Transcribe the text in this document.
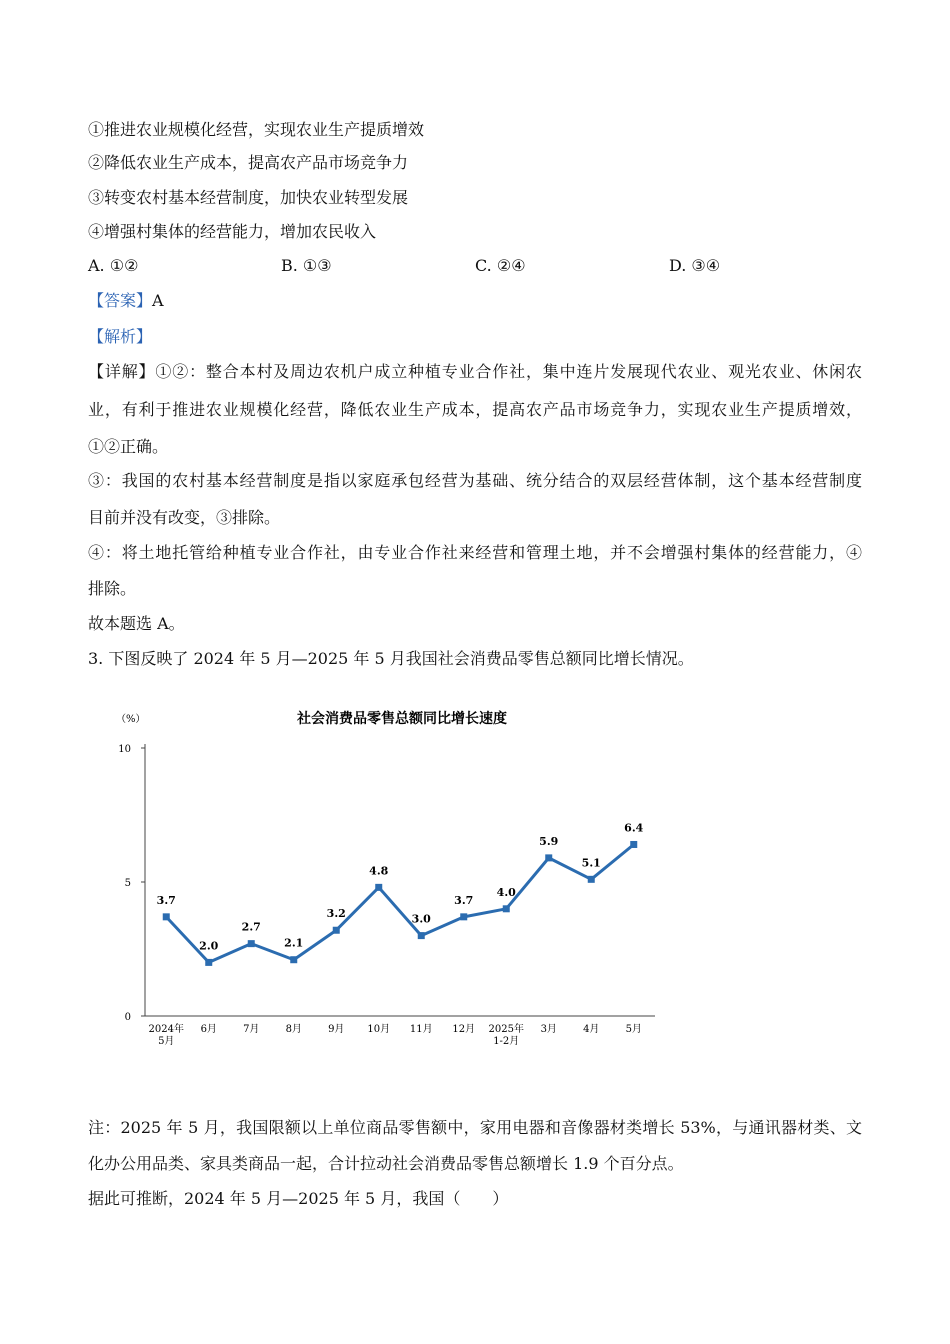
①推进农业规模化经营，实现农业生产提质增效
②降低农业生产成本，提高农产品市场竞争力
③转变农村基本经营制度，加快农业转型发展
④增强村集体的经营能力，增加农民收入
A. ①②	B. ①③	C. ②④	D. ③④
【答案】A
【解析】
【详解】①②：整合本村及周边农机户成立种植专业合作社，集中连片发展现代农业、观光农业、休闲农
业，有利于推进农业规模化经营，降低农业生产成本，提高农产品市场竞争力，实现农业生产提质增效，
①②正确。
③：我国的农村基本经营制度是指以家庭承包经营为基础、统分结合的双层经营体制，这个基本经营制度
目前并没有改变，③排除。
④：将土地托管给种植专业合作社，由专业合作社来经营和管理土地，并不会增强村集体的经营能力，④
排除。
故本题选 A。
3. 下图反映了 2024 年 5 月—2025 年 5 月我国社会消费品零售总额同比增长情况。
社会消费品零售总额同比增长速度
（%）
0
5
10
2024年 5月
6月	7月	8月	9月 10月 11月 12月 2025年 1-2月
3月	4月	5月
3.7
2.0
2.7
2.1
3.2
4.8
3.0
3.7
4.0
5.9
5.1
6.4
注：2025 年 5 月，我国限额以上单位商品零售额中，家用电器和音像器材类增长 53%，与通讯器材类、文
化办公用品类、家具类商品一起，合计拉动社会消费品零售总额增长 1.9 个百分点。
据此可推断，2024 年 5 月—2025 年 5 月，我国（　　）
